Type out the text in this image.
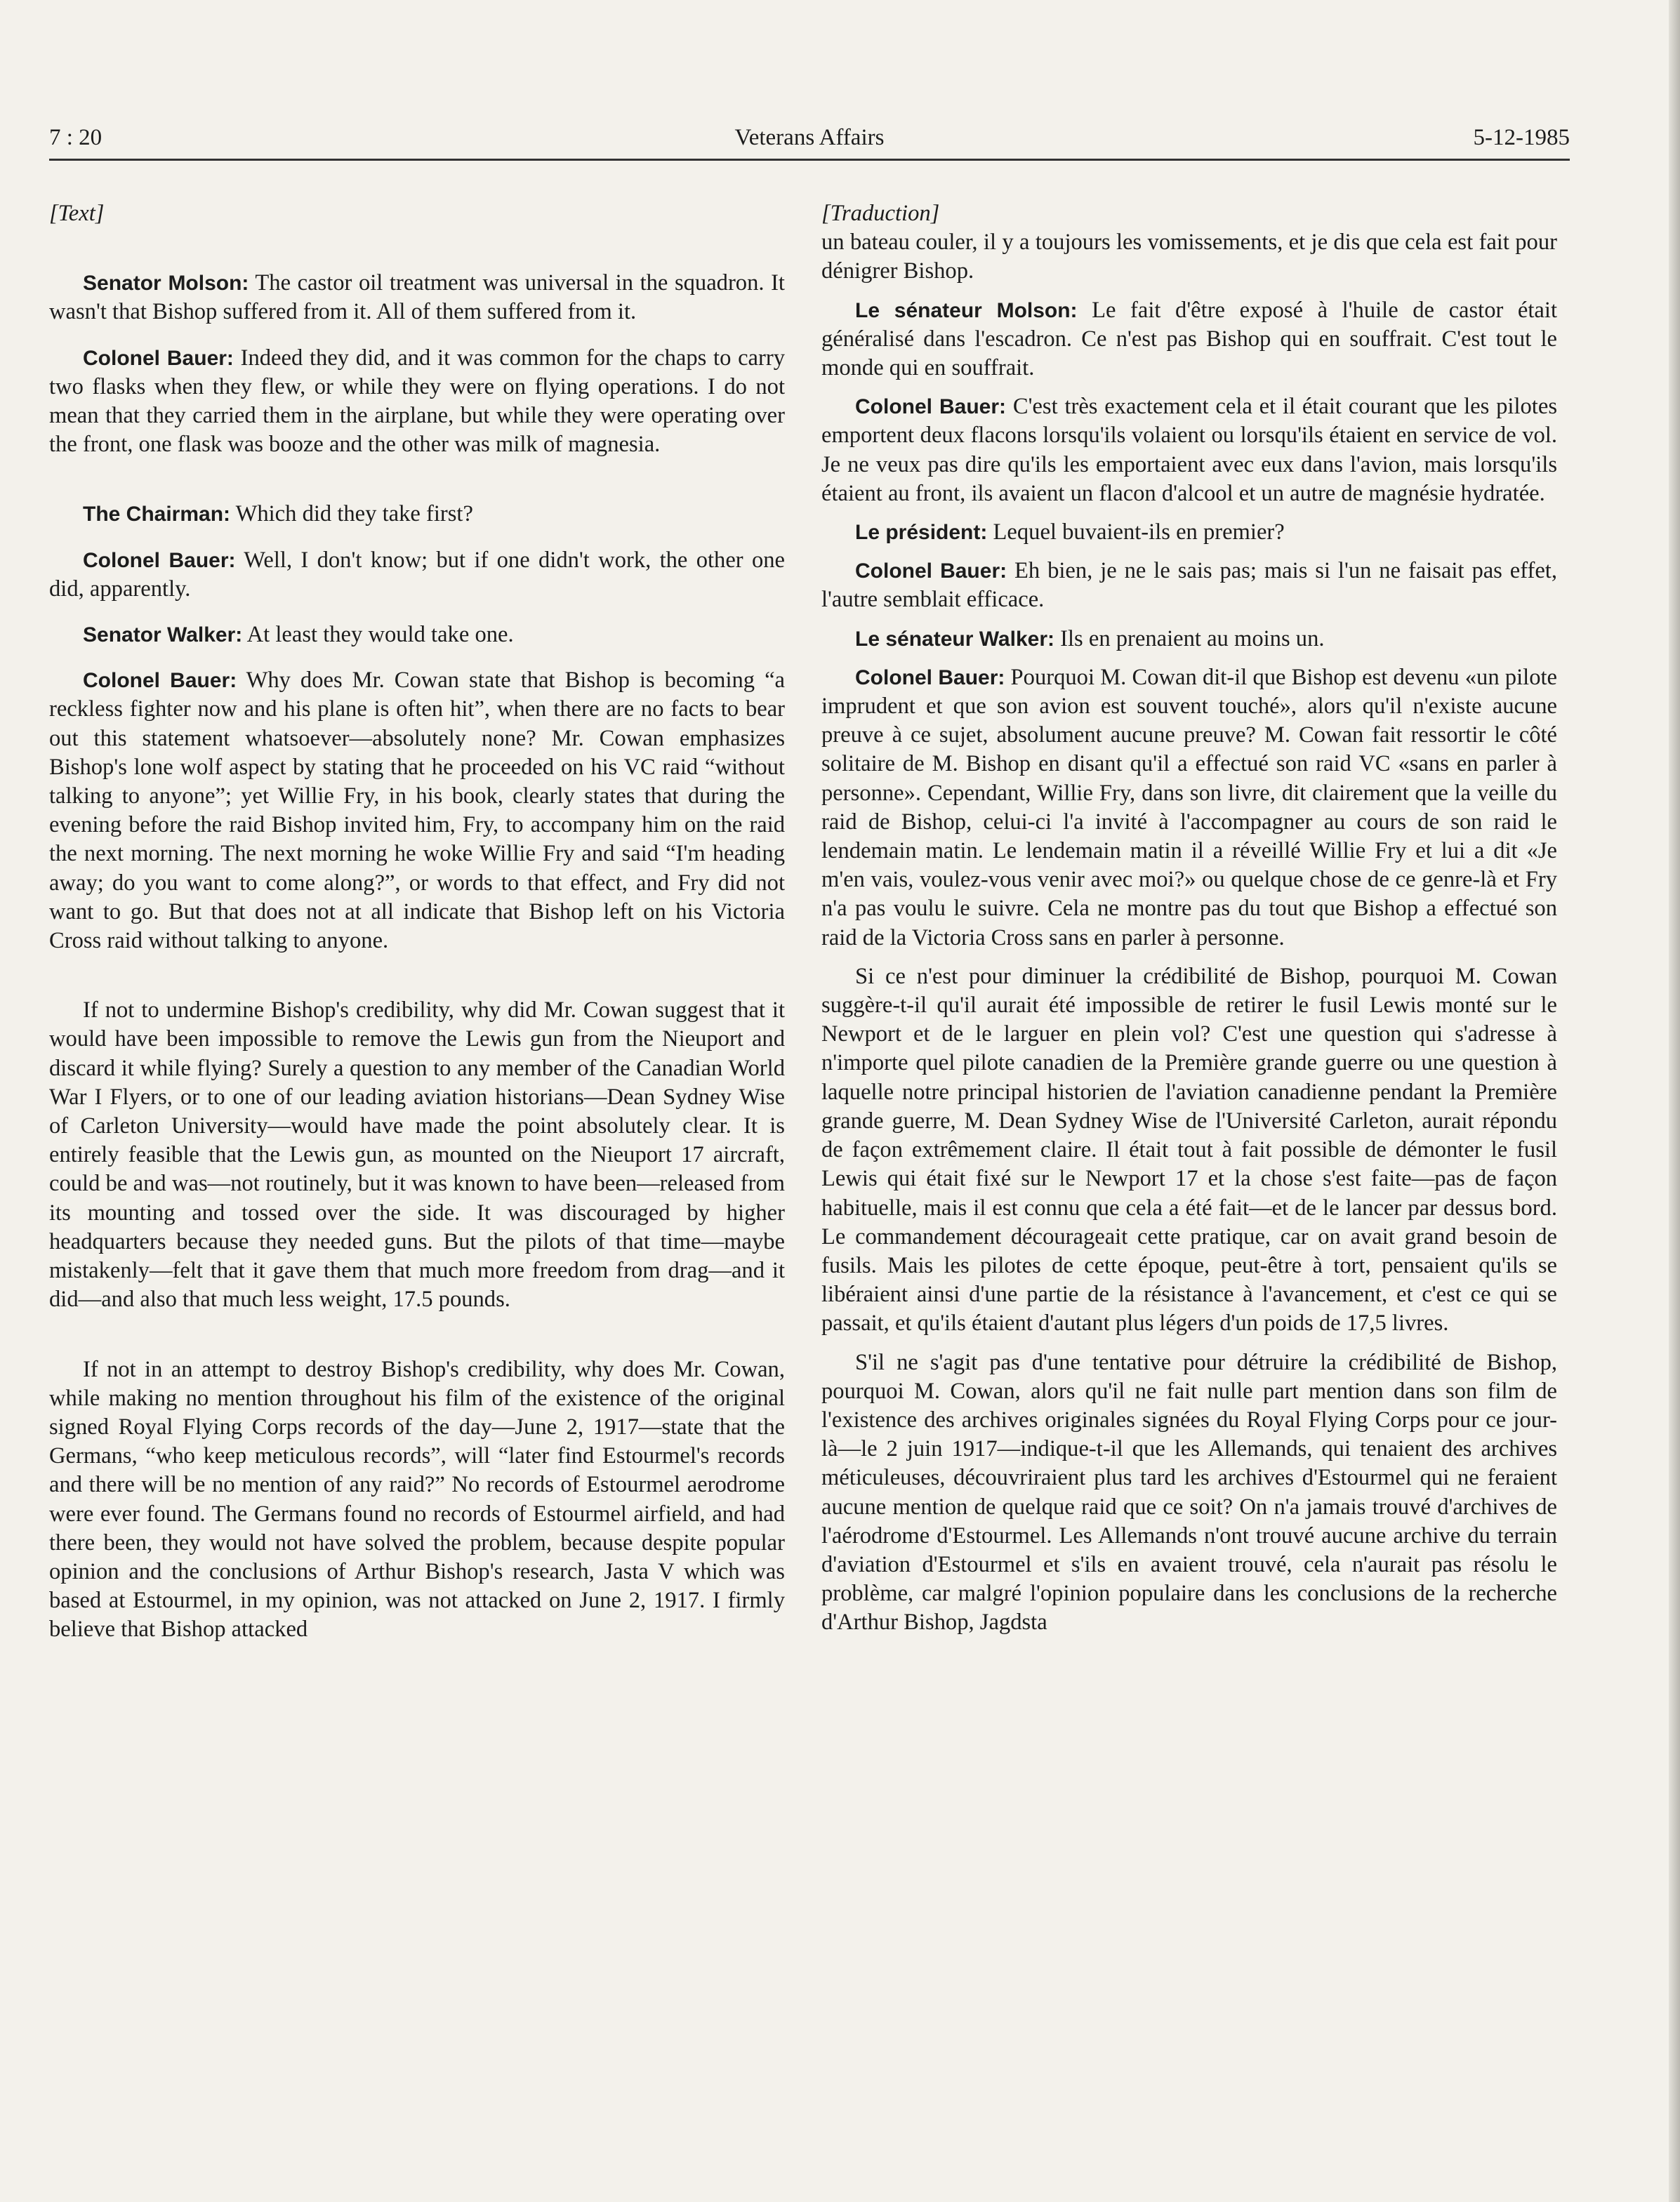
7 : 20	Veterans Affairs	5-12-1985

[Text]

Senator Molson: The castor oil treatment was universal in the squadron. It wasn't that Bishop suffered from it. All of them suffered from it.

Colonel Bauer: Indeed they did, and it was common for the chaps to carry two flasks when they flew, or while they were on flying operations. I do not mean that they carried them in the airplane, but while they were operating over the front, one flask was booze and the other was milk of magnesia.

The Chairman: Which did they take first?

Colonel Bauer: Well, I don't know; but if one didn't work, the other one did, apparently.

Senator Walker: At least they would take one.

Colonel Bauer: Why does Mr. Cowan state that Bishop is becoming “a reckless fighter now and his plane is often hit”, when there are no facts to bear out this statement whatsoever—absolutely none? Mr. Cowan emphasizes Bishop's lone wolf aspect by stating that he proceeded on his VC raid “without talking to anyone”; yet Willie Fry, in his book, clearly states that during the evening before the raid Bishop invited him, Fry, to accompany him on the raid the next morning. The next morning he woke Willie Fry and said “I'm heading away; do you want to come along?”, or words to that effect, and Fry did not want to go. But that does not at all indicate that Bishop left on his Victoria Cross raid without talking to anyone.

If not to undermine Bishop's credibility, why did Mr. Cowan suggest that it would have been impossible to remove the Lewis gun from the Nieuport and discard it while flying? Surely a question to any member of the Canadian World War I Flyers, or to one of our leading aviation historians—Dean Sydney Wise of Carleton University—would have made the point absolutely clear. It is entirely feasible that the Lewis gun, as mounted on the Nieuport 17 aircraft, could be and was—not routinely, but it was known to have been—released from its mounting and tossed over the side. It was discouraged by higher headquarters because they needed guns. But the pilots of that time—maybe mistakenly—felt that it gave them that much more freedom from drag—and it did—and also that much less weight, 17.5 pounds.

If not in an attempt to destroy Bishop's credibility, why does Mr. Cowan, while making no mention throughout his film of the existence of the original signed Royal Flying Corps records of the day—June 2, 1917—state that the Germans, “who keep meticulous records”, will “later find Estourmel's records and there will be no mention of any raid?” No records of Estourmel aerodrome were ever found. The Germans found no records of Estourmel airfield, and had there been, they would not have solved the problem, because despite popular opinion and the conclusions of Arthur Bishop's research, Jasta V which was based at Estourmel, in my opinion, was not attacked on June 2, 1917. I firmly believe that Bishop attacked

[Traduction]

un bateau couler, il y a toujours les vomissements, et je dis que cela est fait pour dénigrer Bishop.

Le sénateur Molson: Le fait d'être exposé à l'huile de castor était généralisé dans l'escadron. Ce n'est pas Bishop qui en souffrait. C'est tout le monde qui en souffrait.

Colonel Bauer: C'est très exactement cela et il était courant que les pilotes emportent deux flacons lorsqu'ils volaient ou lorsqu'ils étaient en service de vol. Je ne veux pas dire qu'ils les emportaient avec eux dans l'avion, mais lorsqu'ils étaient au front, ils avaient un flacon d'alcool et un autre de magnésie hydratée.

Le président: Lequel buvaient-ils en premier?

Colonel Bauer: Eh bien, je ne le sais pas; mais si l'un ne faisait pas effet, l'autre semblait efficace.

Le sénateur Walker: Ils en prenaient au moins un.

Colonel Bauer: Pourquoi M. Cowan dit-il que Bishop est devenu «un pilote imprudent et que son avion est souvent touché», alors qu'il n'existe aucune preuve à ce sujet, absolument aucune preuve? M. Cowan fait ressortir le côté solitaire de M. Bishop en disant qu'il a effectué son raid VC «sans en parler à personne». Cependant, Willie Fry, dans son livre, dit clairement que la veille du raid de Bishop, celui-ci l'a invité à l'accompagner au cours de son raid le lendemain matin. Le lendemain matin il a réveillé Willie Fry et lui a dit «Je m'en vais, voulez-vous venir avec moi?» ou quelque chose de ce genre-là et Fry n'a pas voulu le suivre. Cela ne montre pas du tout que Bishop a effectué son raid de la Victoria Cross sans en parler à personne.

Si ce n'est pour diminuer la crédibilité de Bishop, pourquoi M. Cowan suggère-t-il qu'il aurait été impossible de retirer le fusil Lewis monté sur le Newport et de le larguer en plein vol? C'est une question qui s'adresse à n'importe quel pilote canadien de la Première grande guerre ou une question à laquelle notre principal historien de l'aviation canadienne pendant la Première grande guerre, M. Dean Sydney Wise de l'Université Carleton, aurait répondu de façon extrêmement claire. Il était tout à fait possible de démonter le fusil Lewis qui était fixé sur le Newport 17 et la chose s'est faite—pas de façon habituelle, mais il est connu que cela a été fait—et de le lancer par dessus bord. Le commandement décourageait cette pratique, car on avait grand besoin de fusils. Mais les pilotes de cette époque, peut-être à tort, pensaient qu'ils se libéraient ainsi d'une partie de la résistance à l'avancement, et c'est ce qui se passait, et qu'ils étaient d'autant plus légers d'un poids de 17,5 livres.

S'il ne s'agit pas d'une tentative pour détruire la crédibilité de Bishop, pourquoi M. Cowan, alors qu'il ne fait nulle part mention dans son film de l'existence des archives originales signées du Royal Flying Corps pour ce jour-là—le 2 juin 1917—indique-t-il que les Allemands, qui tenaient des archives méticuleuses, découvriraient plus tard les archives d'Estourmel qui ne feraient aucune mention de quelque raid que ce soit? On n'a jamais trouvé d'archives de l'aérodrome d'Estourmel. Les Allemands n'ont trouvé aucune archive du terrain d'aviation d'Estourmel et s'ils en avaient trouvé, cela n'aurait pas résolu le problème, car malgré l'opinion populaire dans les conclusions de la recherche d'Arthur Bishop, Jagdsta
